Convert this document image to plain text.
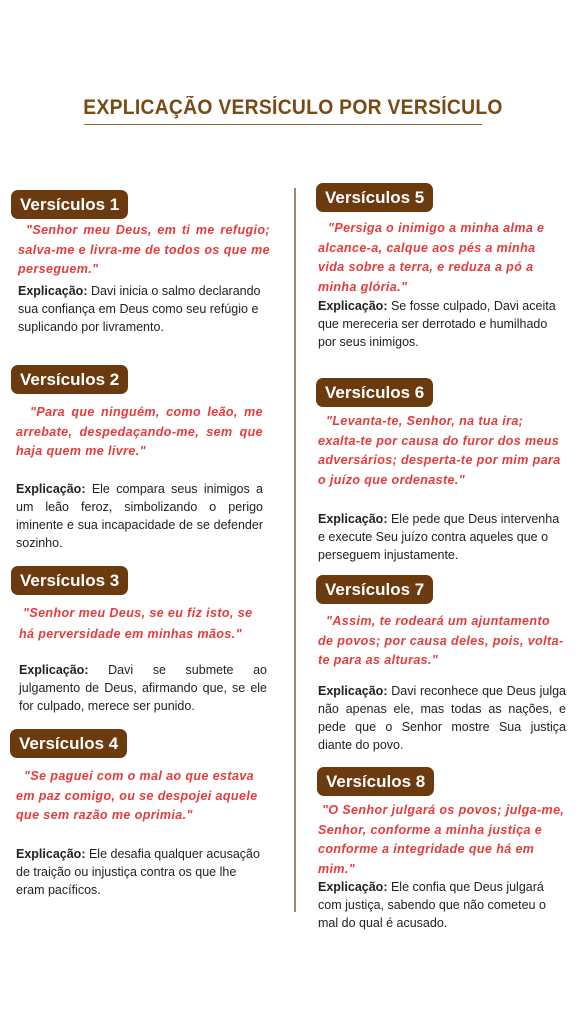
EXPLICAÇÃO VERSÍCULO POR VERSÍCULO
Versículos 1
"Senhor meu Deus, em ti me refugio; salva-me e livra-me de todos os que me perseguem."
Explicação: Davi inicia o salmo declarando sua confiança em Deus como seu refúgio e suplicando por livramento.
Versículos 2
"Para que ninguém, como leão, me arrebate, despedaçando-me, sem que haja quem me livre."
Explicação: Ele compara seus inimigos a um leão feroz, simbolizando o perigo iminente e sua incapacidade de se defender sozinho.
Versículos 3
"Senhor meu Deus, se eu fiz isto, se há perversidade em minhas mãos."
Explicação: Davi se submete ao julgamento de Deus, afirmando que, se ele for culpado, merece ser punido.
Versículos 4
"Se paguei com o mal ao que estava em paz comigo, ou se despojei aquele que sem razão me oprimia."
Explicação: Ele desafia qualquer acusação de traição ou injustiça contra os que lhe eram pacíficos.
Versículos 5
"Persiga o inimigo a minha alma e alcance-a, calque aos pés a minha vida sobre a terra, e reduza a pó a minha glória."
Explicação: Se fosse culpado, Davi aceita que mereceria ser derrotado e humilhado por seus inimigos.
Versículos 6
"Levanta-te, Senhor, na tua ira; exalta-te por causa do furor dos meus adversários; desperta-te por mim para o juízo que ordenaste."
Explicação: Ele pede que Deus intervenha e execute Seu juízo contra aqueles que o perseguem injustamente.
Versículos 7
"Assim, te rodeará um ajuntamento de povos; por causa deles, pois, volta-te para as alturas."
Explicação: Davi reconhece que Deus julga não apenas ele, mas todas as nações, e pede que o Senhor mostre Sua justiça diante do povo.
Versículos 8
"O Senhor julgará os povos; julga-me, Senhor, conforme a minha justiça e conforme a integridade que há em mim."
Explicação: Ele confia que Deus julgará com justiça, sabendo que não cometeu o mal do qual é acusado.
